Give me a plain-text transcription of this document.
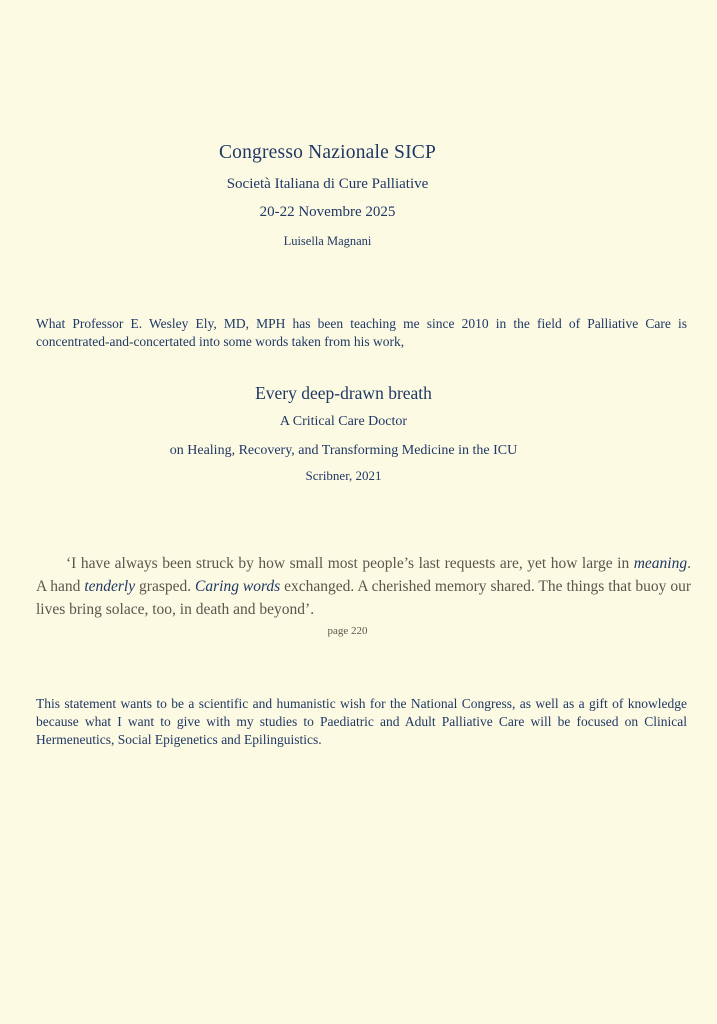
Congresso Nazionale SICP
Società Italiana di Cure Palliative
20-22 Novembre 2025
Luisella Magnani

What Professor E. Wesley Ely, MD, MPH has been teaching me since 2010 in the field of Palliative Care is concentrated-and-concertated into some words taken from his work,

Every deep-drawn breath
A Critical Care Doctor
on Healing, Recovery, and Transforming Medicine in the ICU
Scribner, 2021

‘I have always been struck by how small most people’s last requests are, yet how large in meaning. A hand tenderly grasped. Caring words exchanged. A cherished memory shared. The things that buoy our lives bring solace, too, in death and beyond’.

page 220

This statement wants to be a scientific and humanistic wish for the National Congress, as well as a gift of knowledge because what I want to give with my studies to Paediatric and Adult Palliative Care will be focused on Clinical Hermeneutics, Social Epigenetics and Epilinguistics.
